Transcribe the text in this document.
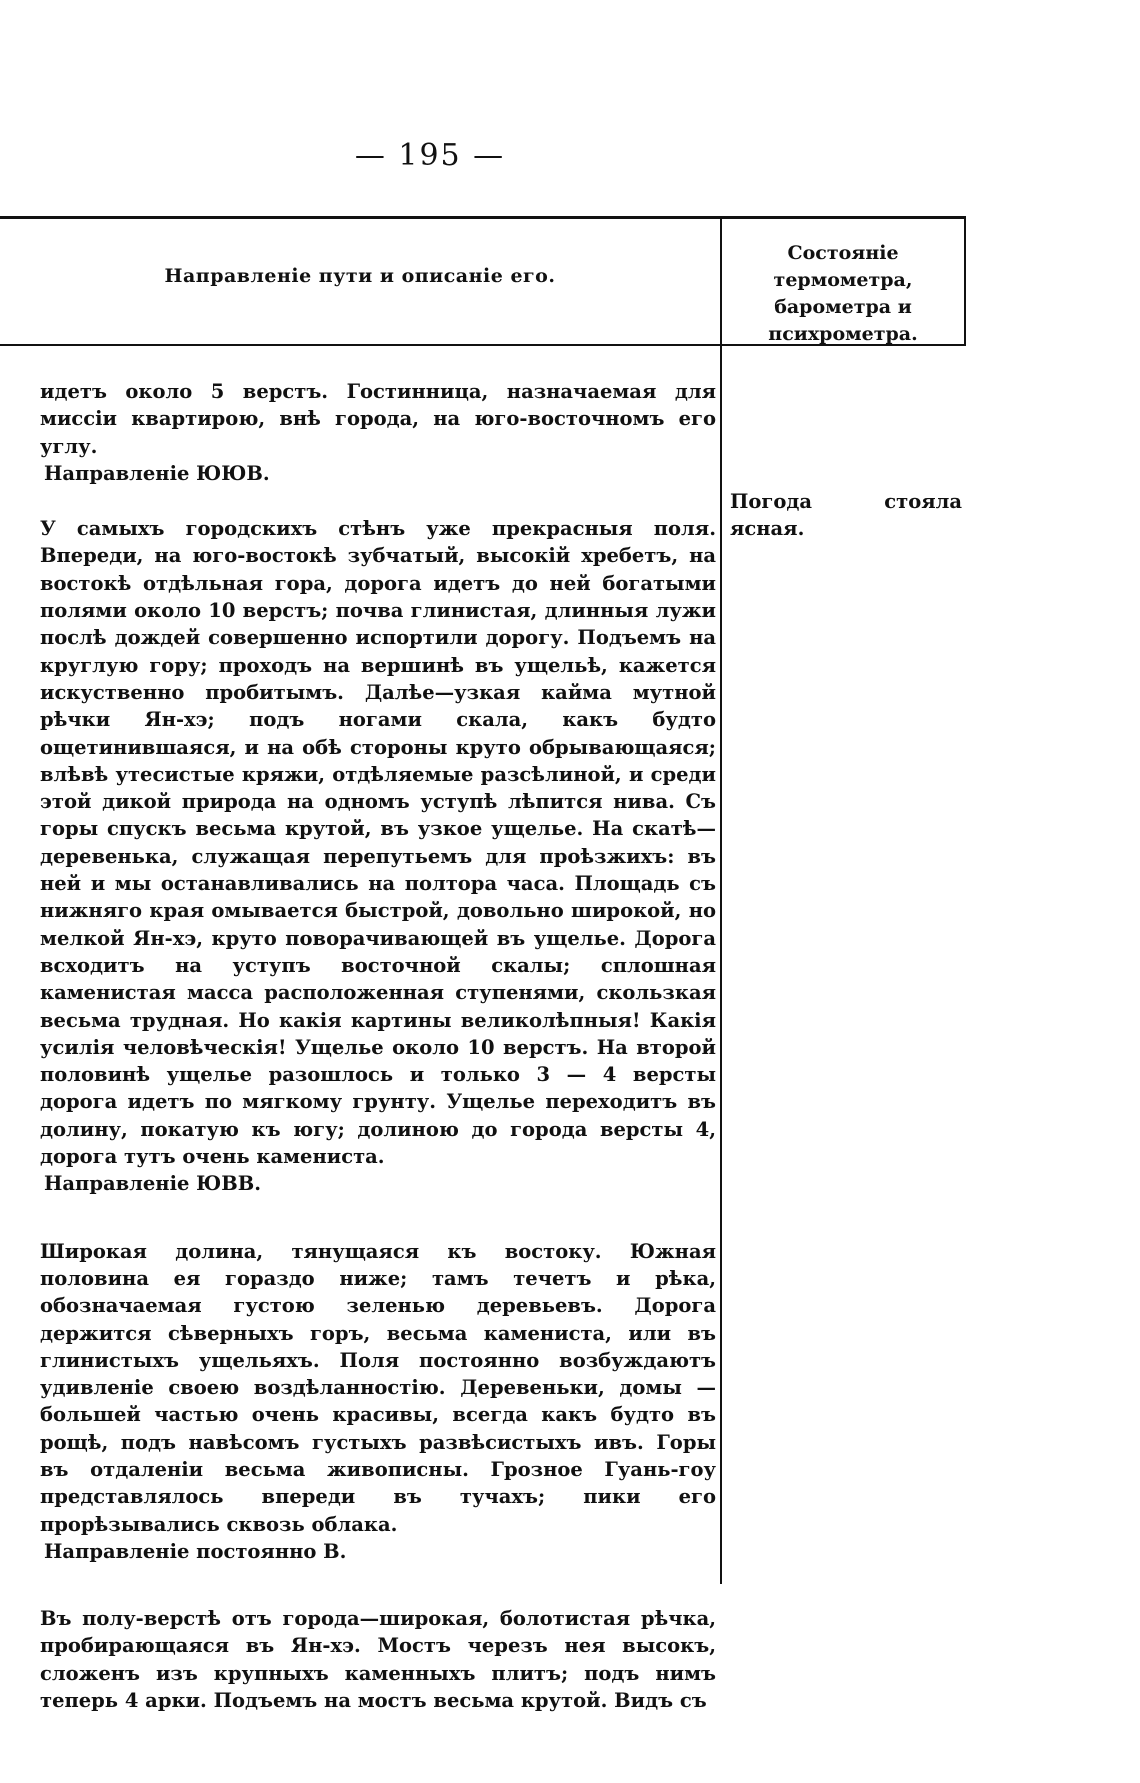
— 195 —
Направленіе пути и описаніе его.
Состояніе термометра, барометра и психрометра.

идетъ около 5 верстъ. Гостинница, назначаемая для миссіи квартирою, внѣ города, на юго-восточномъ его углу.

Направленіе ЮЮВ.

У самыхъ городскихъ стѣнъ уже прекрасныя поля. Впереди, на юго-востокѣ зубчатый, высокій хребетъ, на востокѣ отдѣльная гора, дорога идетъ до ней богатыми полями около 10 верстъ; почва глинистая, длинныя лужи послѣ дождей совершенно испортили дорогу. Подъемъ на круглую гору; проходъ на вершинѣ въ ущельѣ, кажется искуственно пробитымъ. Далѣе—узкая кайма мутной рѣчки Ян-хэ; подъ ногами скала, какъ будто ощетинившаяся, и на обѣ стороны круто обрывающаяся; влѣвѣ утесистые кряжи, отдѣляемые разсѣлиной, и среди этой дикой природа на одномъ уступѣ лѣпится нива. Съ горы спускъ весьма крутой, въ узкое ущелье. На скатѣ—деревенька, служащая перепутьемъ для проѣзжихъ: въ ней и мы останавливались на полтора часа. Площадь съ нижняго края омывается быстрой, довольно широкой, но мелкой Ян-хэ, круто поворачивающей въ ущелье. Дорога всходитъ на уступъ восточной скалы; сплошная каменистая масса расположенная ступенями, скользкая весьма трудная. Но какія картины великолѣпныя! Какія усилія человѣческія! Ущелье около 10 верстъ. На второй половинѣ ущелье разошлось и только 3 — 4 версты дорога идетъ по мягкому грунту. Ущелье переходитъ въ долину, покатую къ югу; долиною до города версты 4, дорога тутъ очень камениста.

Направленіе ЮВВ.

Широкая долина, тянущаяся къ востоку. Южная половина ея гораздо ниже; тамъ течетъ и рѣка, обозначаемая густою зеленью деревьевъ. Дорога держится сѣверныхъ горъ, весьма камениста, или въ глинистыхъ ущельяхъ. Поля постоянно возбуждаютъ удивленіе своею воздѣланностію. Деревеньки, домы — большей частью очень красивы, всегда какъ будто въ рощѣ, подъ навѣсомъ густыхъ развѣсистыхъ ивъ. Горы въ отдаленіи весьма живописны. Грозное Гуань-гоу представлялось впереди въ тучахъ; пики его прорѣзывались сквозь облака.

Направленіе постоянно В.

Въ полу-верстѣ отъ города—широкая, болотистая рѣчка, пробирающаяся въ Ян-хэ. Мостъ черезъ нея высокъ, сложенъ изъ крупныхъ каменныхъ плитъ; подъ нимъ теперь 4 арки. Подъемъ на мостъ весьма крутой. Видъ съ

Погода стояла ясная.
